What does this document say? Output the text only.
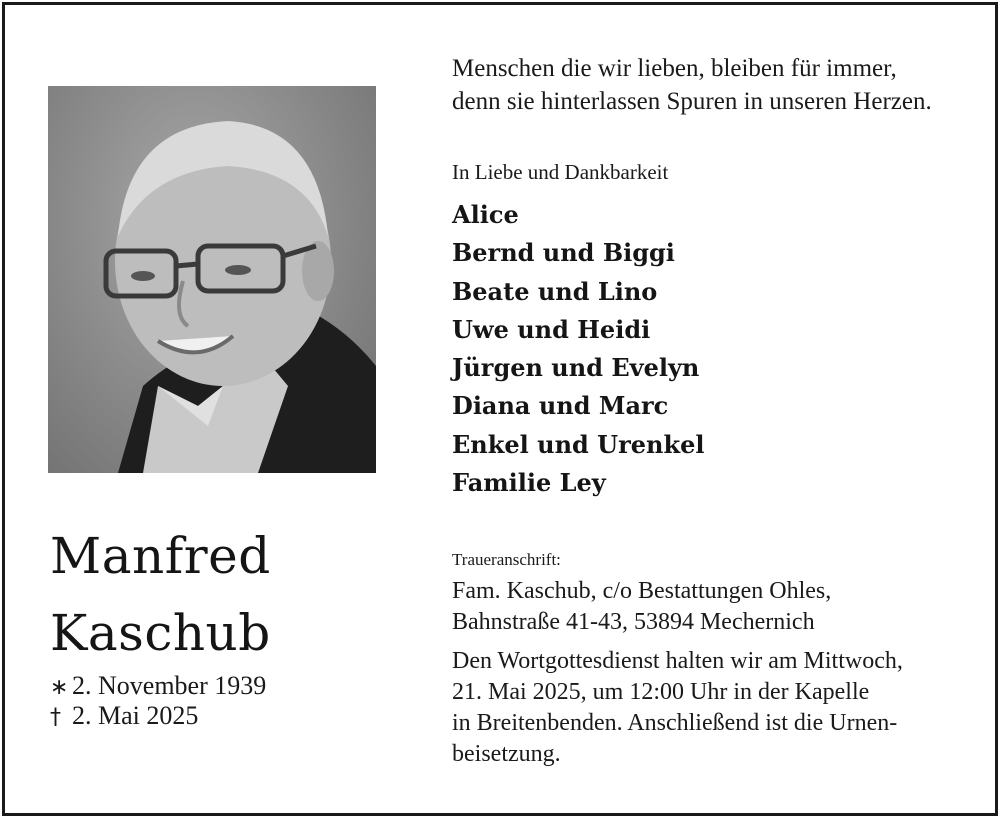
Manfred
Kaschub
∗ 2. November 1939
† 2. Mai 2025
Menschen die wir lieben, bleiben für immer,
denn sie hinterlassen Spuren in unseren Herzen.
In Liebe und Dankbarkeit
Alice
Bernd und Biggi
Beate und Lino
Uwe und Heidi
Jürgen und Evelyn
Diana und Marc
Enkel und Urenkel
Familie Ley
Traueranschrift:
Fam. Kaschub, c/o Bestattungen Ohles,
Bahnstraße 41-43, 53894 Mechernich
Den Wortgottesdienst halten wir am Mittwoch,
21. Mai 2025, um 12:00 Uhr in der Kapelle
in Breitenbenden. Anschließend ist die Urnen-
beisetzung.
